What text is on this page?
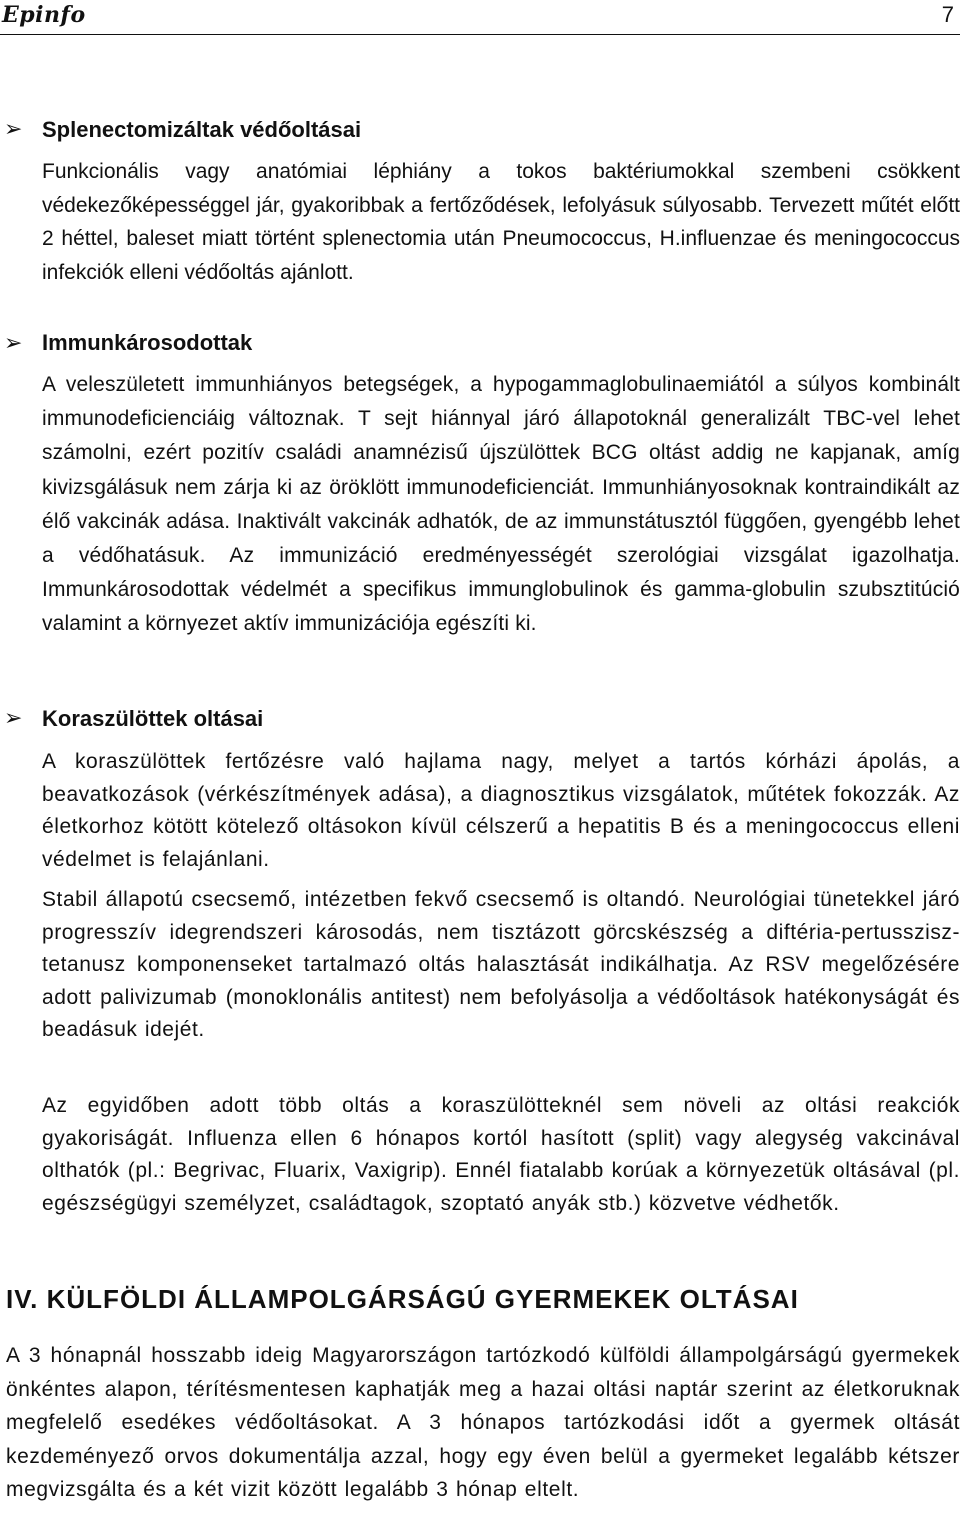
Epinfo	7
➢ Splenectomizáltak védőoltásai

Funkcionális vagy anatómiai léphiány a tokos baktériumokkal szembeni csökkent védekezőképességgel jár, gyakoribbak a fertőződések, lefolyásuk súlyosabb. Tervezett műtét előtt 2 héttel, baleset miatt történt splenectomia után Pneumococcus, H.influenzae és meningococcus infekciók elleni védőoltás ajánlott.

➢ Immunkárosodottak

A veleszületett immunhiányos betegségek, a hypogammaglobulinaemiától a súlyos kombinált immunodeficienciáig változnak. T sejt hiánnyal járó állapotoknál generalizált TBC-vel lehet számolni, ezért pozitív családi anamnézisű újszülöttek BCG oltást addig ne kapjanak, amíg kivizsgálásuk nem zárja ki az öröklött immunodeficienciát. Immunhiányosoknak kontraindikált az élő vakcinák adása. Inaktivált vakcinák adhatók, de az immunstátusztól függően, gyengébb lehet a védőhatásuk. Az immunizáció eredményességét szerológiai vizsgálat igazolhatja. Immunkárosodottak védelmét a specifikus immunglobulinok és gamma-globulin szubsztitúció valamint a környezet aktív immunizációja egészíti ki.

➢ Koraszülöttek oltásai

A koraszülöttek fertőzésre való hajlama nagy, melyet a tartós kórházi ápolás, a beavatkozások (vérkészítmények adása), a diagnosztikus vizsgálatok, műtétek fokozzák. Az életkorhoz kötött kötelező oltásokon kívül célszerű a hepatitis B és a meningococcus elleni védelmet is felajánlani.

Stabil állapotú csecsemő, intézetben fekvő csecsemő is oltandó. Neurológiai tünetekkel járó progresszív idegrendszeri károsodás, nem tisztázott görcskészség a diftéria-pertusszisz-tetanusz komponenseket tartalmazó oltás halasztását indikálhatja. Az RSV megelőzésére adott palivizumab (monoklonális antitest) nem befolyásolja a védőoltások hatékonyságát és beadásuk idejét.

Az egyidőben adott több oltás a koraszülötteknél sem növeli az oltási reakciók gyakoriságát. Influenza ellen 6 hónapos kortól hasított (split) vagy alegység vakcinával olthatók (pl.: Begrivac, Fluarix, Vaxigrip). Ennél fiatalabb korúak a környezetük oltásával (pl. egészségügyi személyzet, családtagok, szoptató anyák stb.) közvetve védhetők.

IV. KÜLFÖLDI ÁLLAMPOLGÁRSÁGÚ GYERMEKEK OLTÁSAI

A 3 hónapnál hosszabb ideig Magyarországon tartózkodó külföldi állampolgárságú gyermekek önkéntes alapon, térítésmentesen kaphatják meg a hazai oltási naptár szerint az életkoruknak megfelelő esedékes védőoltásokat. A 3 hónapos tartózkodási időt a gyermek oltását kezdeményező orvos dokumentálja azzal, hogy egy éven belül a gyermeket legalább kétszer megvizsgálta és a két vizit között legalább 3 hónap eltelt.
